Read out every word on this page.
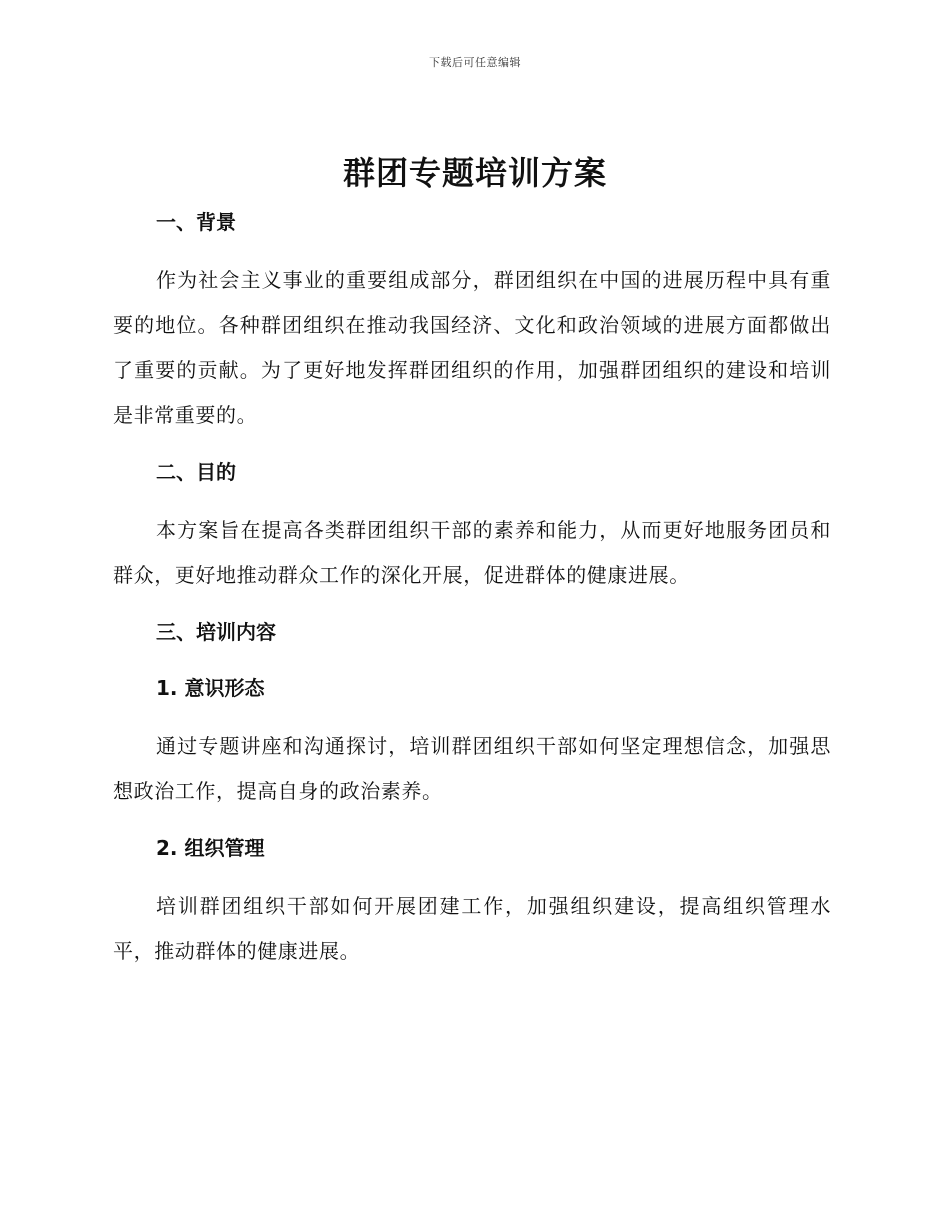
下载后可任意编辑
群团专题培训方案
一、背景

作为社会主义事业的重要组成部分，群团组织在中国的进展历程中具有重要的地位。各种群团组织在推动我国经济、文化和政治领域的进展方面都做出了重要的贡献。为了更好地发挥群团组织的作用，加强群团组织的建设和培训是非常重要的。

二、目的

本方案旨在提高各类群团组织干部的素养和能力，从而更好地服务团员和群众，更好地推动群众工作的深化开展，促进群体的健康进展。

三、培训内容
1. 意识形态

通过专题讲座和沟通探讨，培训群团组织干部如何坚定理想信念，加强思想政治工作，提高自身的政治素养。

2. 组织管理

培训群团组织干部如何开展团建工作，加强组织建设，提高组织管理水平，推动群体的健康进展。
